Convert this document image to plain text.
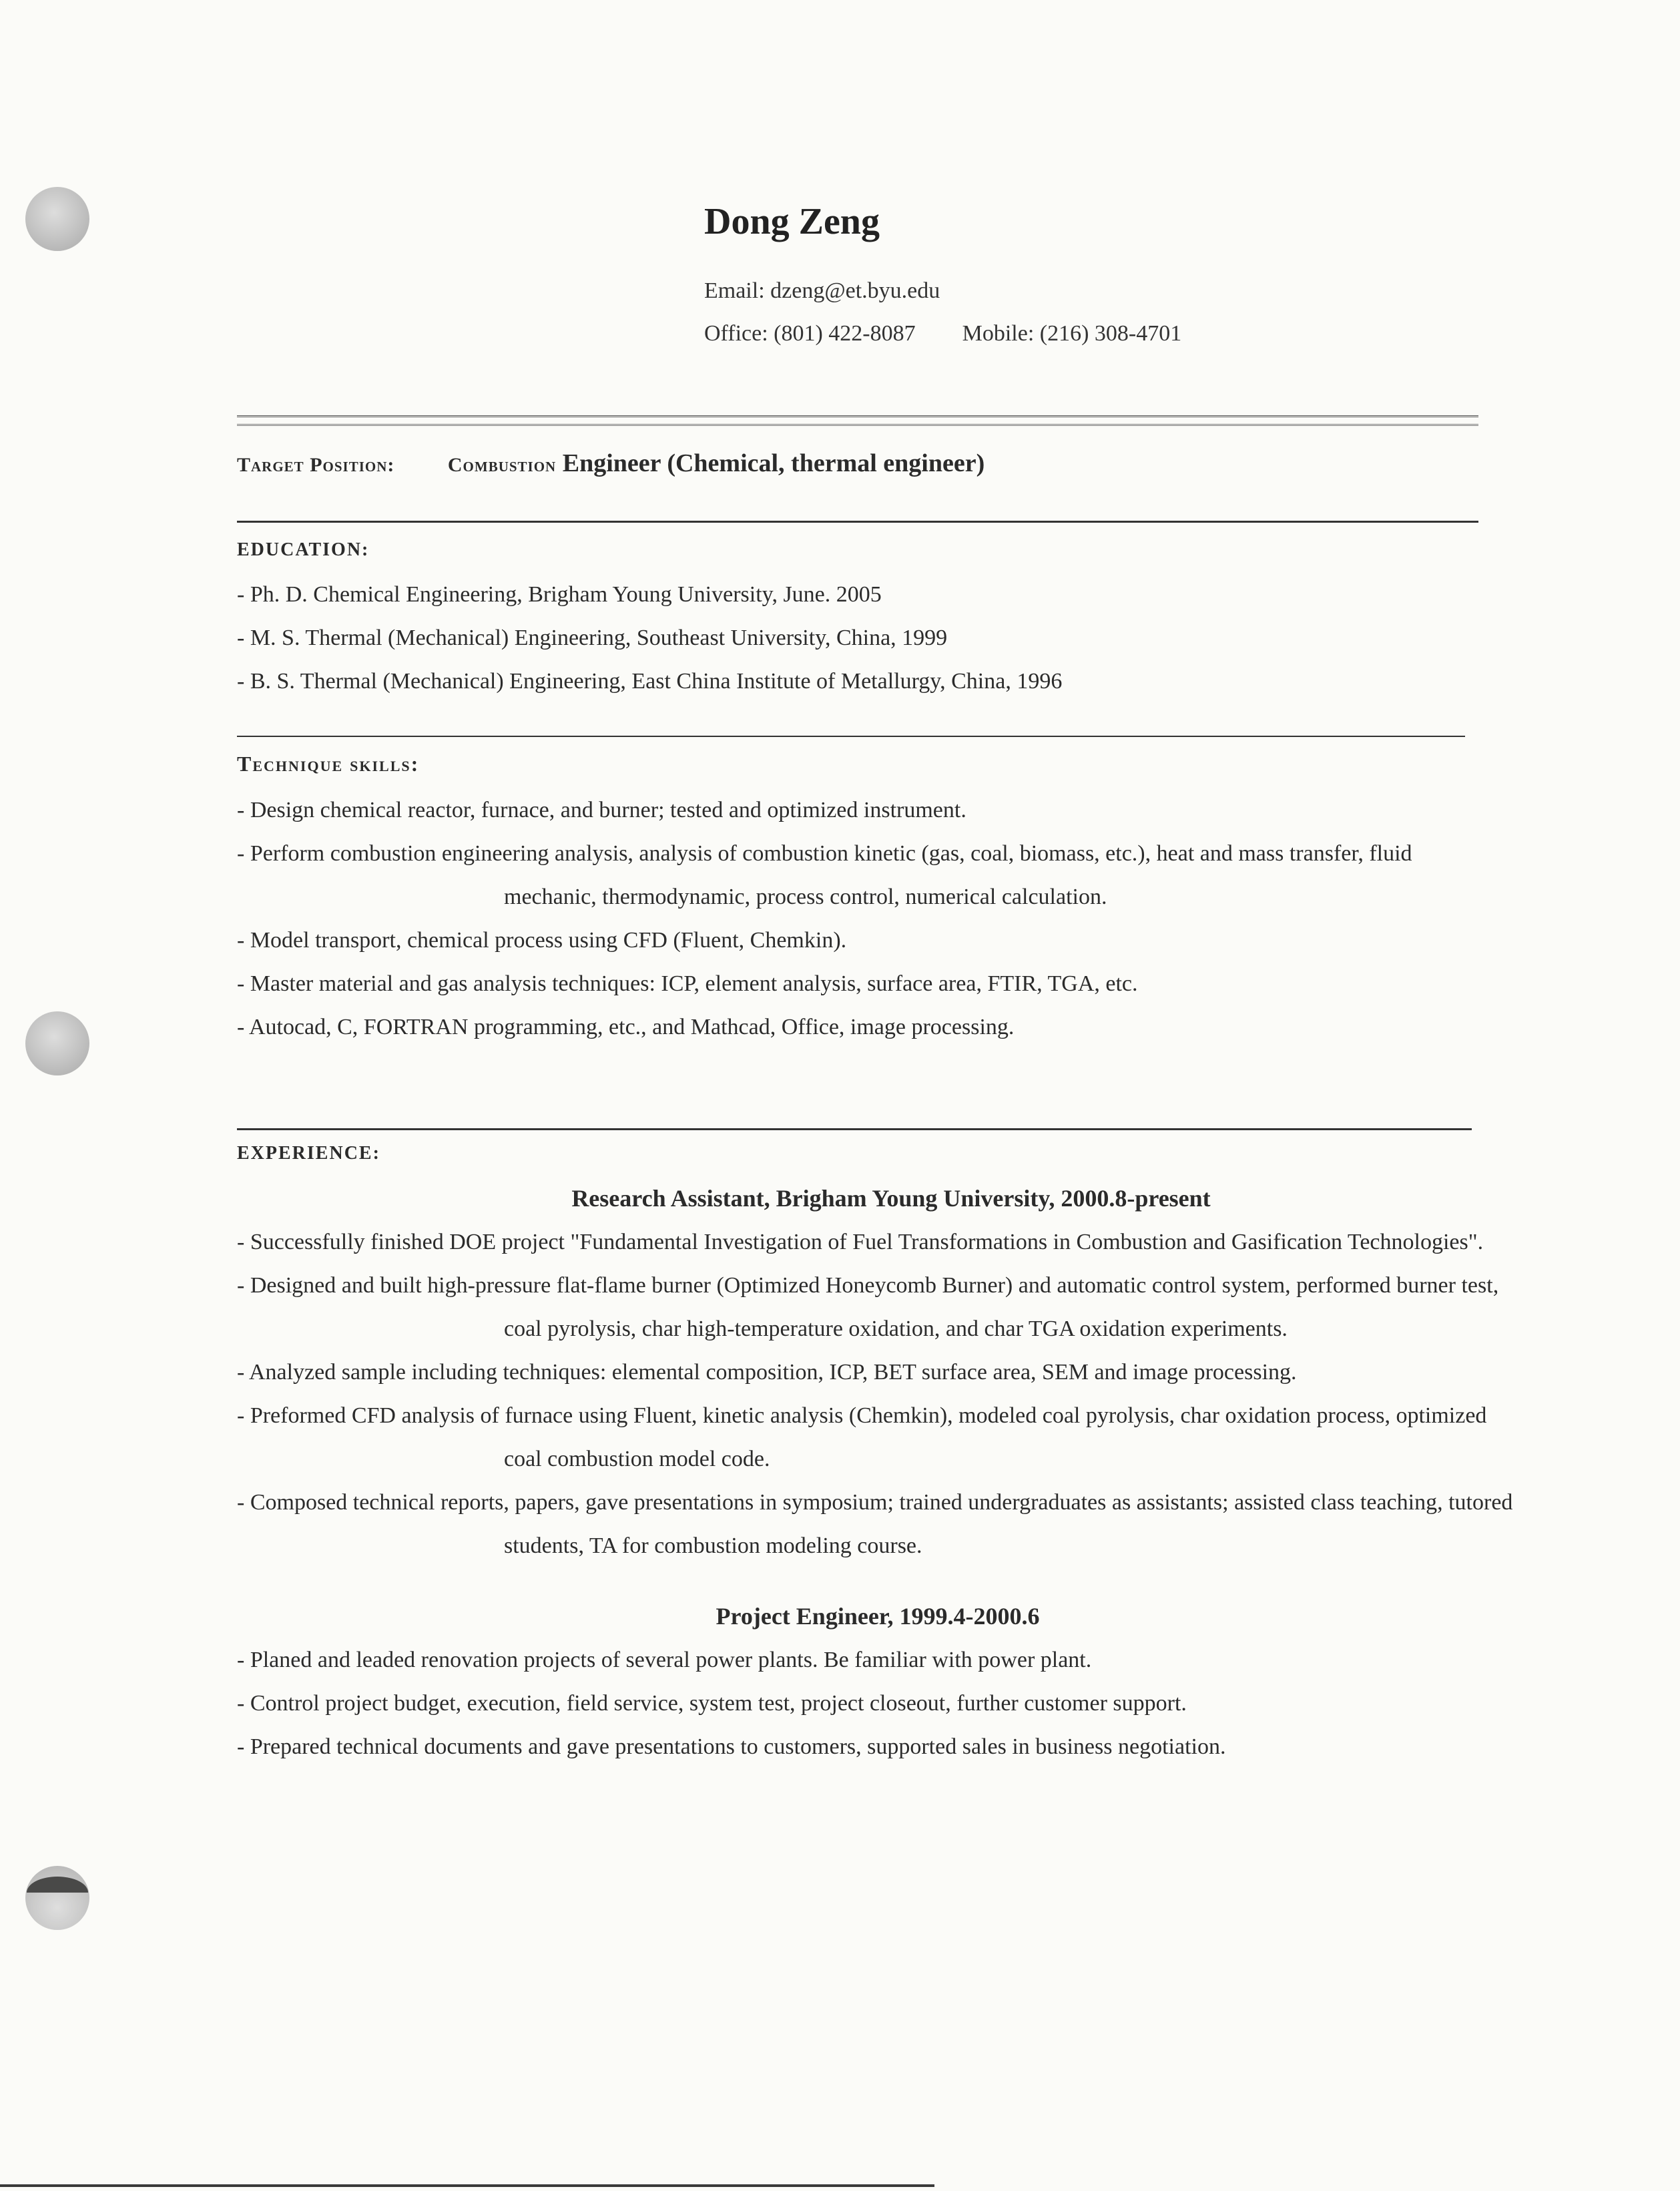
Dong Zeng
Email: dzeng@et.byu.edu
Office: (801) 422-8087 Mobile: (216) 308-4701
Target Position:	Combustion Engineer (Chemical, thermal engineer)
EDUCATION:
- Ph. D. Chemical Engineering, Brigham Young University, June. 2005
- M. S. Thermal (Mechanical) Engineering, Southeast University, China, 1999
- B. S. Thermal (Mechanical) Engineering, East China Institute of Metallurgy, China, 1996
Technique skills:
- Design chemical reactor, furnace, and burner; tested and optimized instrument.
- Perform combustion engineering analysis, analysis of combustion kinetic (gas, coal, biomass, etc.), heat and mass transfer, fluid mechanic, thermodynamic, process control, numerical calculation.
- Model transport, chemical process using CFD (Fluent, Chemkin).
- Master material and gas analysis techniques: ICP, element analysis, surface area, FTIR, TGA, etc.
- Autocad, C, FORTRAN programming, etc., and Mathcad, Office, image processing.
EXPERIENCE:
Research Assistant, Brigham Young University, 2000.8-present
- Successfully finished DOE project "Fundamental Investigation of Fuel Transformations in Combustion and Gasification Technologies".
- Designed and built high-pressure flat-flame burner (Optimized Honeycomb Burner) and automatic control system, performed burner test, coal pyrolysis, char high-temperature oxidation, and char TGA oxidation experiments.
- Analyzed sample including techniques: elemental composition, ICP, BET surface area, SEM and image processing.
- Preformed CFD analysis of furnace using Fluent, kinetic analysis (Chemkin), modeled coal pyrolysis, char oxidation process, optimized coal combustion model code.
- Composed technical reports, papers, gave presentations in symposium; trained undergraduates as assistants; assisted class teaching, tutored students, TA for combustion modeling course.
Project Engineer, 1999.4-2000.6
- Planed and leaded renovation projects of several power plants. Be familiar with power plant.
- Control project budget, execution, field service, system test, project closeout, further customer support.
- Prepared technical documents and gave presentations to customers, supported sales in business negotiation.
